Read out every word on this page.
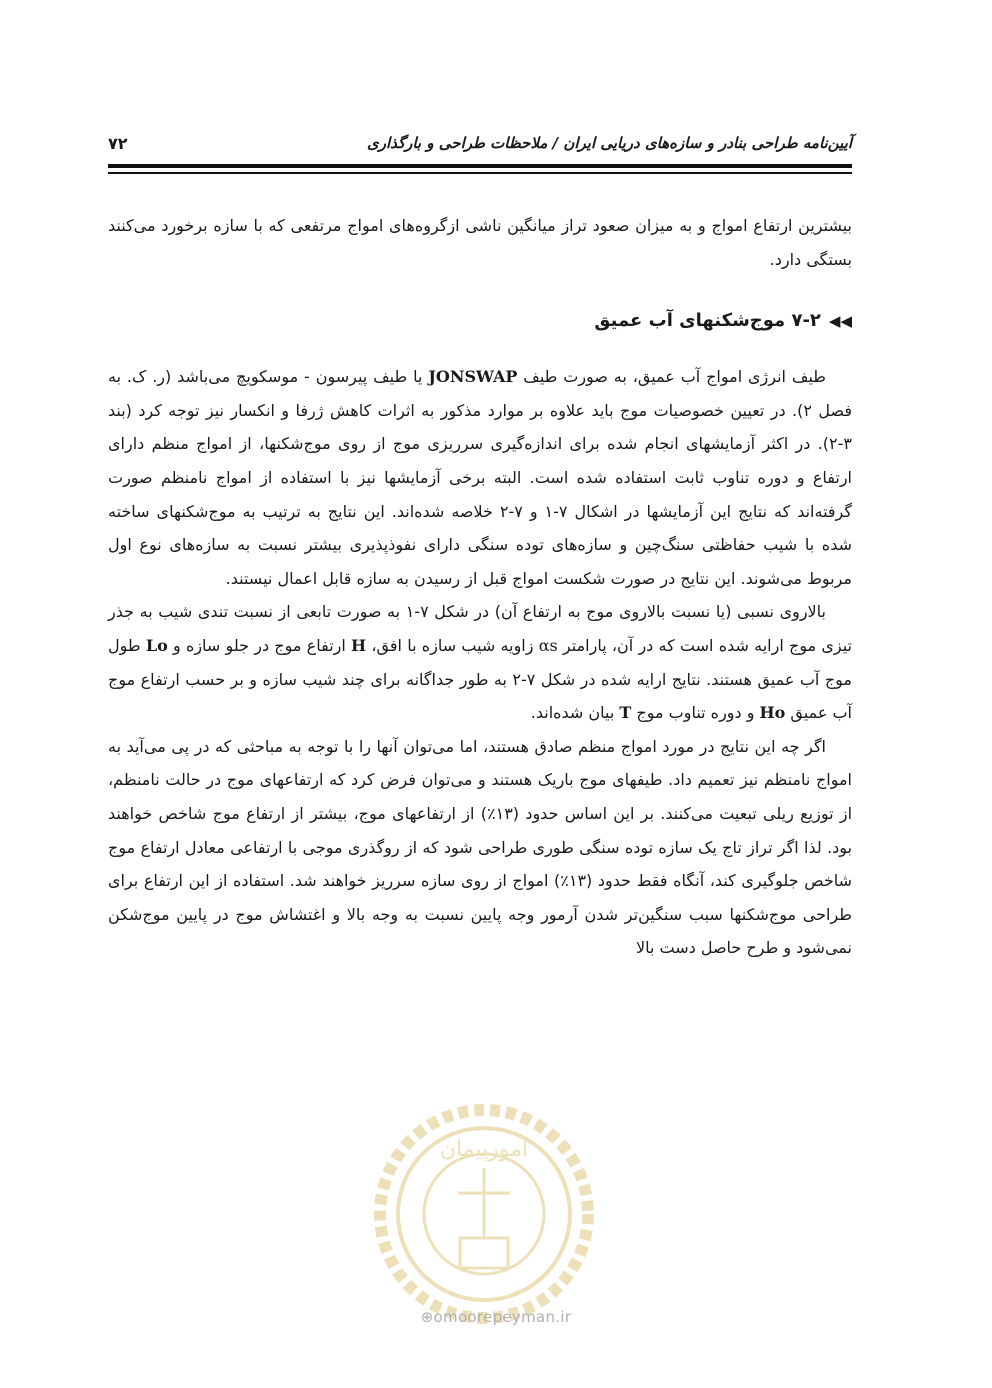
آیین‌نامه طراحی بنادر و سازه‌های دریایی ایران / ملاحظات طراحی و بارگذاری
۷۲

بیشترین ارتفاع امواج و به میزان صعود تراز میانگین ناشی ازگروه‌های امواج مرتفعی که با سازه برخورد می‌کنند بستگی دارد.

◀◀۷-۲ موج‌شکنهای آب عمیق

طیف انرژی امواج آب عمیق، به صورت طیف JONSWAP یا طیف پیرسون - موسکویچ می‌باشد (ر. ک. به فصل ۲). در تعیین خصوصیات موج باید علاوه بر موارد مذکور به اثرات کاهش ژرفا و انکسار نیز توجه کرد (بند ۳-۲). در اکثر آزمایشهای انجام شده برای اندازه‌گیری سرریزی موج از روی موج‌شکنها، از امواج منظم دارای ارتفاع و دوره تناوب ثابت استفاده شده است. البته برخی آزمایشها نیز با استفاده از امواج نامنظم صورت گرفته‌اند که نتایج این آزمایشها در اشکال ۷-۱ و ۷-۲ خلاصه شده‌اند. این نتایج به ترتیب به موج‌شکنهای ساخته شده با شیب حفاظتی سنگ‌چین و سازه‌های توده سنگی دارای نفوذپذیری بیشتر نسبت به سازه‌های نوع اول مربوط می‌شوند. این نتایج در صورت شکست امواج قبل از رسیدن به سازه قابل اعمال نیستند.

بالاروی نسبی (یا نسبت بالاروی موج به ارتفاع آن) در شکل ۷-۱ به صورت تابعی از نسبت تندی شیب به جذر تیزی موج ارایه شده است که در آن، پارامتر αs زاویه شیب سازه با افق، H ارتفاع موج در جلو سازه و Lo طول موج آب عمیق هستند. نتایج ارایه شده در شکل ۷-۲ به طور جداگانه برای چند شیب سازه و بر حسب ارتفاع موج آب عمیق Ho و دوره تناوب موج T بیان شده‌اند.

اگر چه این نتایج در مورد امواج منظم صادق هستند، اما می‌توان آنها را با توجه به مباحثی که در پی می‌آید به امواج نامنظم نیز تعمیم داد. طیفهای موج باریک هستند و می‌توان فرض کرد که ارتفاعهای موج در حالت نامنظم، از توزیع ریلی تبعیت می‌کنند. بر این اساس حدود (۱۳٪) از ارتفاعهای موج، بیشتر از ارتفاع موج شاخص خواهند بود. لذا اگر تراز تاج یک سازه توده سنگی طوری طراحی شود که از روگذری موجی با ارتفاعی معادل ارتفاع موج شاخص جلوگیری کند، آنگاه فقط حدود (۱۳٪) امواج از روی سازه سرریز خواهند شد. استفاده از این ارتفاع برای طراحی موج‌شکنها سبب سنگین‌تر شدن آرمور وجه پایین نسبت به وجه بالا و اغتشاش موج در پایین موج‌شکن نمی‌شود و طرح حاصل دست بالا

امورپیمان
⊕omoorepeyman.ir
